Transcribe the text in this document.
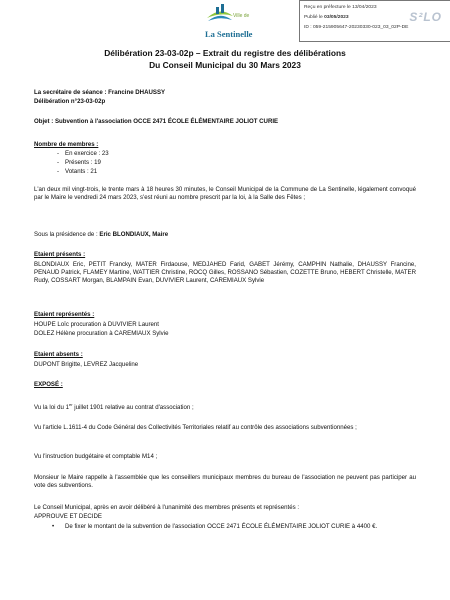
Ville de
La Sentinelle
Reçu en préfecture le 13/04/2023
Publié le 03/05/2023
ID : 059-215905647-20230330-023_03_02P-DE
S²LO
Délibération 23-03-02p – Extrait du registre des délibérations
Du Conseil Municipal du 30 Mars 2023
La secrétaire de séance : Francine DHAUSSY
Délibération n°23-03-02p
Objet : Subvention à l'association OCCE 2471 ÉCOLE ÉLÉMENTAIRE JOLIOT CURIE
Nombre de membres :
- En exercice : 23
- Présents : 19
- Votants : 21
L'an deux mil vingt-trois, le trente mars à 18 heures 30 minutes, le Conseil Municipal de la Commune de La Sentinelle, légalement convoqué par le Maire le vendredi 24 mars 2023, s'est réuni au nombre prescrit par la loi, à la Salle des Fêtes ;
Sous la présidence de : Eric BLONDIAUX, Maire
Etaient présents :
BLONDIAUX Eric, PETIT Francky, MATER Firdaouse, MEDJAHED Farid, GABET Jérémy, CAMPHIN Nathalie, DHAUSSY Francine, PENAUD Patrick, FLAMEY Martine, WATTIER Christine, ROCQ Gilles, ROSSANO Sébastien, COZETTE Bruno, HEBERT Christelle, MATER Rudy, COSSART Morgan, BLAMPAIN Evan, DUVIVIER Laurent, CAREMIAUX Sylvie
Etaient représentés :
HOUPE Loïc procuration à DUVIVIER Laurent
DOLEZ Hélène procuration à CAREMIAUX Sylvie
Etaient absents :
DUPONT Brigitte, LEVREZ Jacqueline
EXPOSÉ :
Vu la loi du 1er juillet 1901 relative au contrat d'association ;
Vu l'article L.1611-4 du Code Général des Collectivités Territoriales relatif au contrôle des associations subventionnées ;
Vu l'instruction budgétaire et comptable M14 ;
Monsieur le Maire rappelle à l'assemblée que les conseillers municipaux membres du bureau de l'association ne peuvent pas participer au vote des subventions.
Le Conseil Municipal, après en avoir délibéré à l'unanimité des membres présents et représentés :
APPROUVE ET DECIDE
• De fixer le montant de la subvention de l'association OCCE 2471 ÉCOLE ÉLÉMENTAIRE JOLIOT CURIE à 4400 €.
